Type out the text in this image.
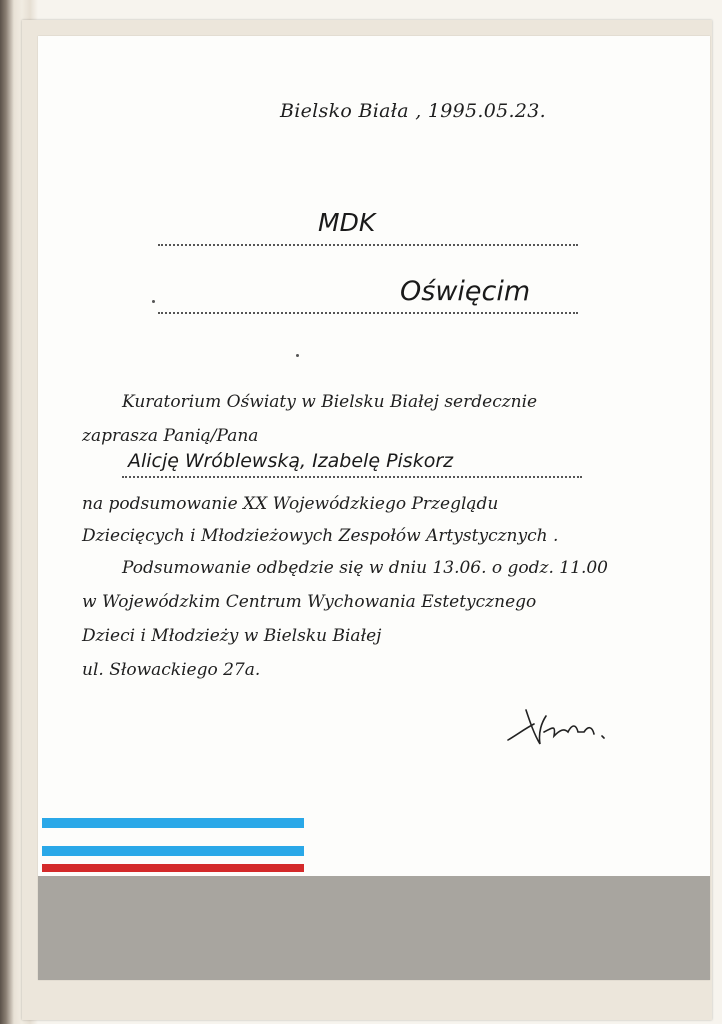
Bielsko Biała , 1995.05.23.
MDK
Oświęcim
Kuratorium Oświaty w Bielsku Białej serdecznie
zaprasza Panią/Pana
Alicję Wróblewską, Izabelę Piskorz
na podsumowanie XX Wojewódzkiego Przeglądu
Dziecięcych i Młodzieżowych Zespołów Artystycznych .
Podsumowanie odbędzie się w dniu 13.06. o godz. 11.00
w Wojewódzkim Centrum Wychowania Estetycznego
Dzieci i Młodzieży w Bielsku Białej
ul. Słowackiego 27a.
